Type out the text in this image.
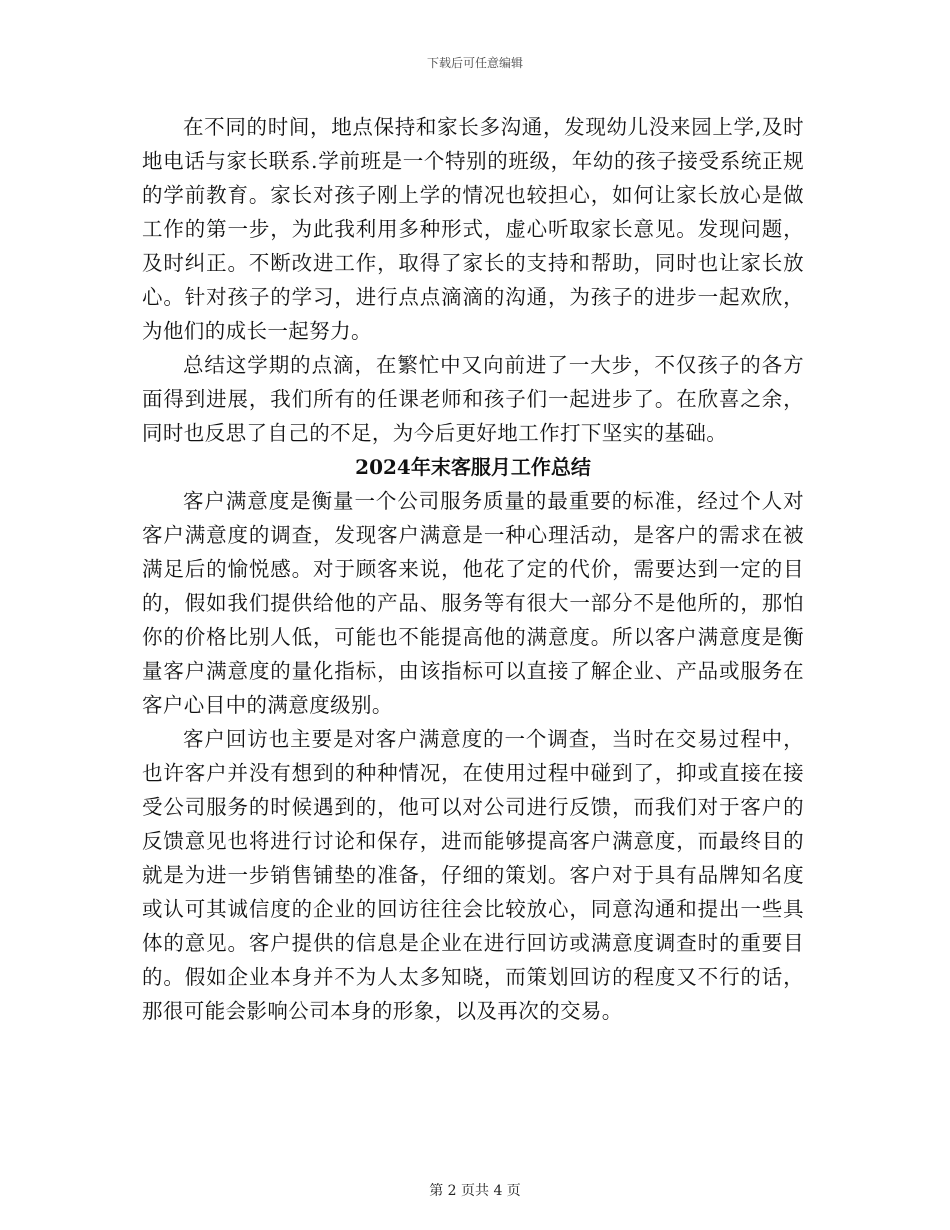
下载后可任意编辑

在不同的时间，地点保持和家长多沟通，发现幼儿没来园上学,及时地电话与家长联系.学前班是一个特别的班级，年幼的孩子接受系统正规的学前教育。家长对孩子刚上学的情况也较担心，如何让家长放心是做工作的第一步，为此我利用多种形式，虚心听取家长意见。发现问题，及时纠正。不断改进工作，取得了家长的支持和帮助，同时也让家长放心。针对孩子的学习，进行点点滴滴的沟通，为孩子的进步一起欢欣，为他们的成长一起努力。

总结这学期的点滴，在繁忙中又向前进了一大步，不仅孩子的各方面得到进展，我们所有的任课老师和孩子们一起进步了。在欣喜之余，同时也反思了自己的不足，为今后更好地工作打下坚实的基础。

2024年末客服月工作总结

客户满意度是衡量一个公司服务质量的最重要的标准，经过个人对客户满意度的调查，发现客户满意是一种心理活动，是客户的需求在被满足后的愉悦感。对于顾客来说，他花了定的代价，需要达到一定的目的，假如我们提供给他的产品、服务等有很大一部分不是他所的，那怕你的价格比别人低，可能也不能提高他的满意度。所以客户满意度是衡量客户满意度的量化指标，由该指标可以直接了解企业、产品或服务在客户心目中的满意度级别。

客户回访也主要是对客户满意度的一个调查，当时在交易过程中，也许客户并没有想到的种种情况，在使用过程中碰到了，抑或直接在接受公司服务的时候遇到的，他可以对公司进行反馈，而我们对于客户的反馈意见也将进行讨论和保存，进而能够提高客户满意度，而最终目的就是为进一步销售铺垫的准备，仔细的策划。客户对于具有品牌知名度或认可其诚信度的企业的回访往往会比较放心，同意沟通和提出一些具体的意见。客户提供的信息是企业在进行回访或满意度调查时的重要目的。假如企业本身并不为人太多知晓，而策划回访的程度又不行的话，那很可能会影响公司本身的形象，以及再次的交易。

第 2 页共 4 页
